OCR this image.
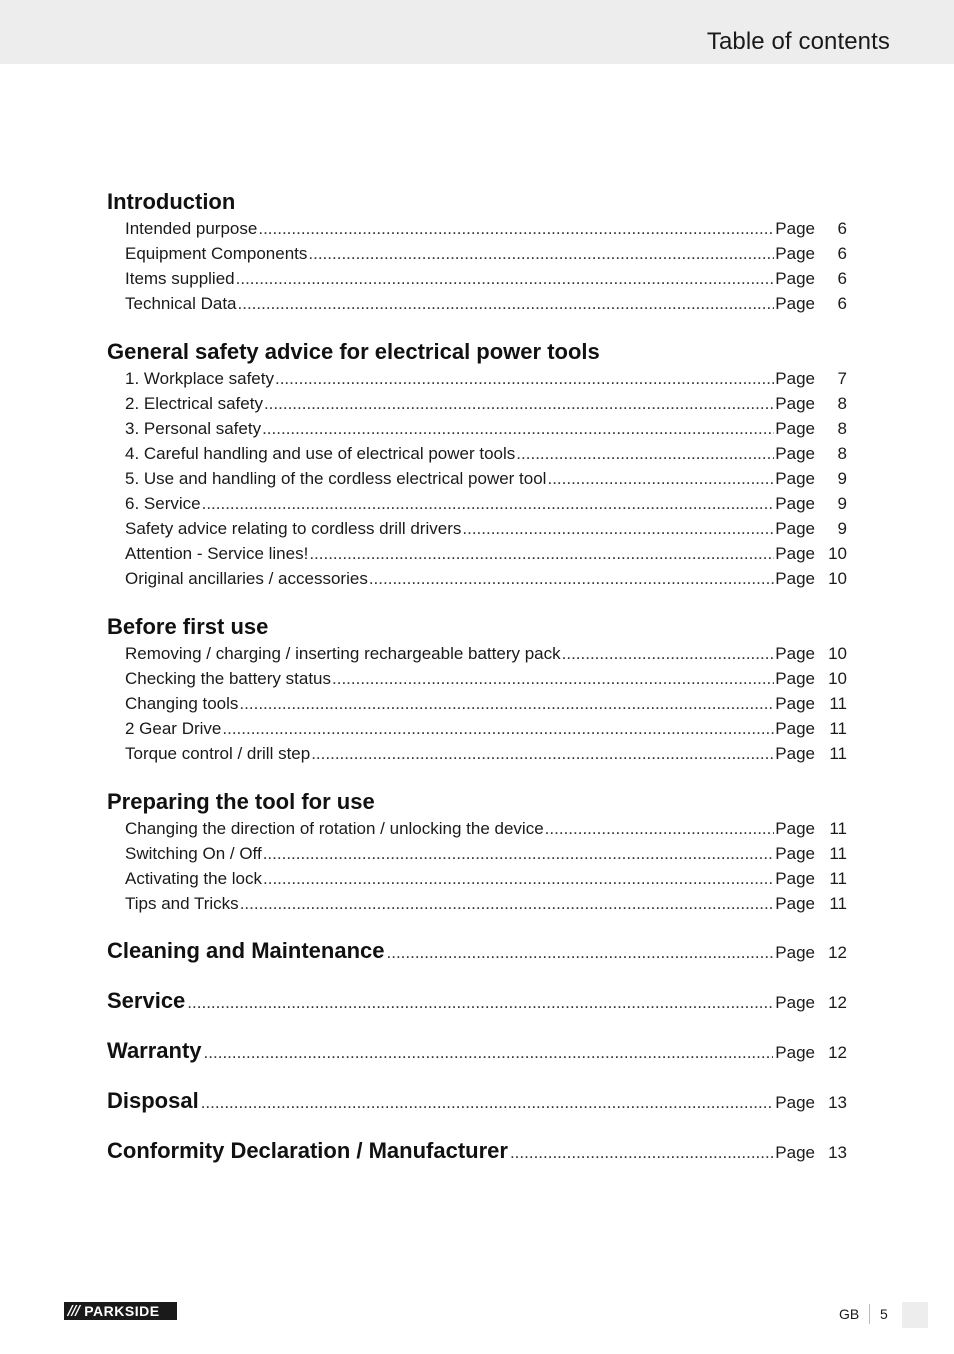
Table of contents
Introduction
Intended purpose .....	Page	6
Equipment Components .....	Page	6
Items supplied .....	Page	6
Technical Data .....	Page	6
General safety advice for electrical power tools
1. Workplace safety .....	Page	7
2. Electrical safety .....	Page	8
3. Personal safety .....	Page	8
4. Careful handling and use of electrical power tools .....	Page	8
5. Use and handling of the cordless electrical power tool .....	Page	9
6. Service .....	Page	9
Safety advice relating to cordless drill drivers .....	Page	9
Attention - Service lines! .....	Page 10
Original ancillaries / accessories .....	Page 10
Before first use
Removing / charging / inserting rechargeable battery pack .....	Page 10
Checking the battery status .....	Page 10
Changing tools .....	Page 11
2 Gear Drive .....	Page 11
Torque control / drill step .....	Page 11
Preparing the tool for use
Changing the direction of rotation / unlocking the device .....	Page 11
Switching On / Off .....	Page 11
Activating the lock .....	Page 11
Tips and Tricks .....	Page 11
Cleaning and Maintenance .....	Page 12
Service .....	Page 12
Warranty .....	Page 12
Disposal .....	Page 13
Conformity Declaration / Manufacturer .....	Page 13
/// PARKSIDE	GB 5
